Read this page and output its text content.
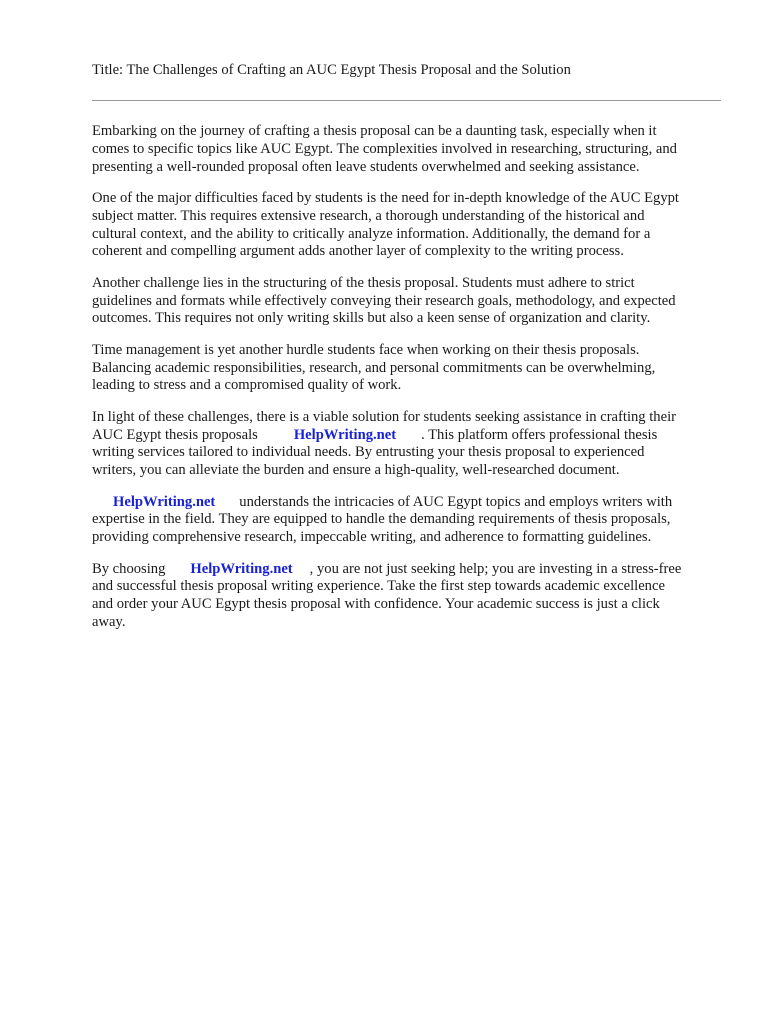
Title: The Challenges of Crafting an AUC Egypt Thesis Proposal and the Solution

Embarking on the journey of crafting a thesis proposal can be a daunting task, especially when it
comes to specific topics like AUC Egypt. The complexities involved in researching, structuring, and
presenting a well-rounded proposal often leave students overwhelmed and seeking assistance.

One of the major difficulties faced by students is the need for in-depth knowledge of the AUC Egypt
subject matter. This requires extensive research, a thorough understanding of the historical and
cultural context, and the ability to critically analyze information. Additionally, the demand for a
coherent and compelling argument adds another layer of complexity to the writing process.

Another challenge lies in the structuring of the thesis proposal. Students must adhere to strict
guidelines and formats while effectively conveying their research goals, methodology, and expected
outcomes. This requires not only writing skills but also a keen sense of organization and clarity.

Time management is yet another hurdle students face when working on their thesis proposals.
Balancing academic responsibilities, research, and personal commitments can be overwhelming,
leading to stress and a compromised quality of work.

In light of these challenges, there is a viable solution for students seeking assistance in crafting their
AUC Egypt thesis proposals HelpWriting.net . This platform offers professional thesis
writing services tailored to individual needs. By entrusting your thesis proposal to experienced
writers, you can alleviate the burden and ensure a high-quality, well-researched document.

HelpWriting.net understands the intricacies of AUC Egypt topics and employs writers with
expertise in the field. They are equipped to handle the demanding requirements of thesis proposals,
providing comprehensive research, impeccable writing, and adherence to formatting guidelines.

By choosing HelpWriting.net , you are not just seeking help; you are investing in a stress-free
and successful thesis proposal writing experience. Take the first step towards academic excellence
and order your AUC Egypt thesis proposal with confidence. Your academic success is just a click
away.
